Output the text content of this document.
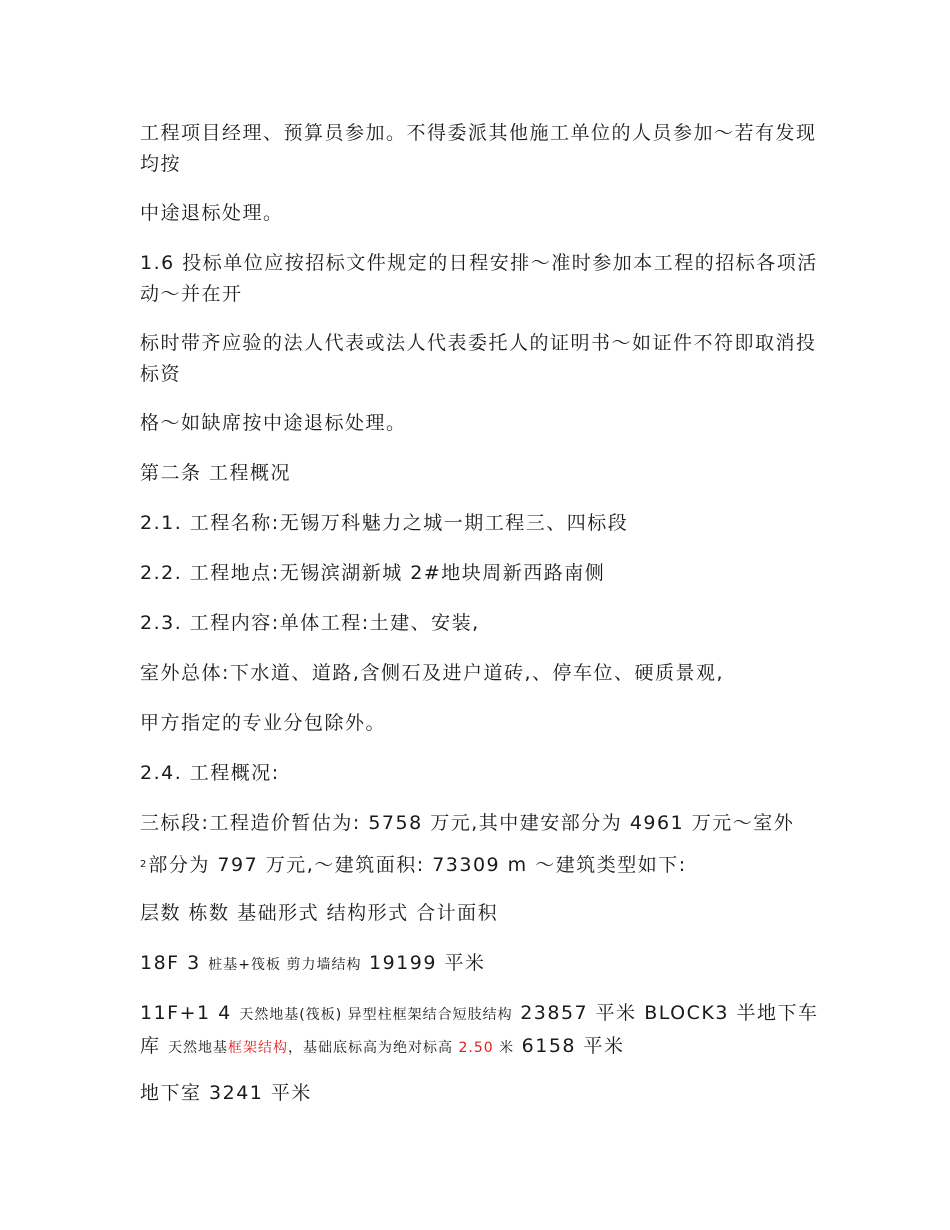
工程项目经理、预算员参加。不得委派其他施工单位的人员参加～若有发现均按
中途退标处理。
1.6 投标单位应按招标文件规定的日程安排～准时参加本工程的招标各项活动～并在开
标时带齐应验的法人代表或法人代表委托人的证明书～如证件不符即取消投标资
格～如缺席按中途退标处理。
第二条 工程概况
2.1. 工程名称:无锡万科魅力之城一期工程三、四标段
2.2. 工程地点:无锡滨湖新城 2#地块周新西路南侧
2.3. 工程内容:单体工程:土建、安装,
室外总体:下水道、道路,含侧石及进户道砖,、停车位、硬质景观,
甲方指定的专业分包除外。
2.4. 工程概况:
三标段:工程造价暂估为: 5758 万元,其中建安部分为 4961 万元～室外
$^2$ 部分为 797 万元,～建筑面积: 73309 m ～建筑类型如下:
层数 栋数 基础形式 结构形式 合计面积
18F 3 桩基+筏板 剪力墙结构 19199 平米
11F+1 4 天然地基(筏板) 异型柱框架结合短肢结构 23857 平米 BLOCK3 半地下车库 天然地基框架结构，基础底标高为绝对标高 2.50 米 6158 平米
地下室 3241 平米
